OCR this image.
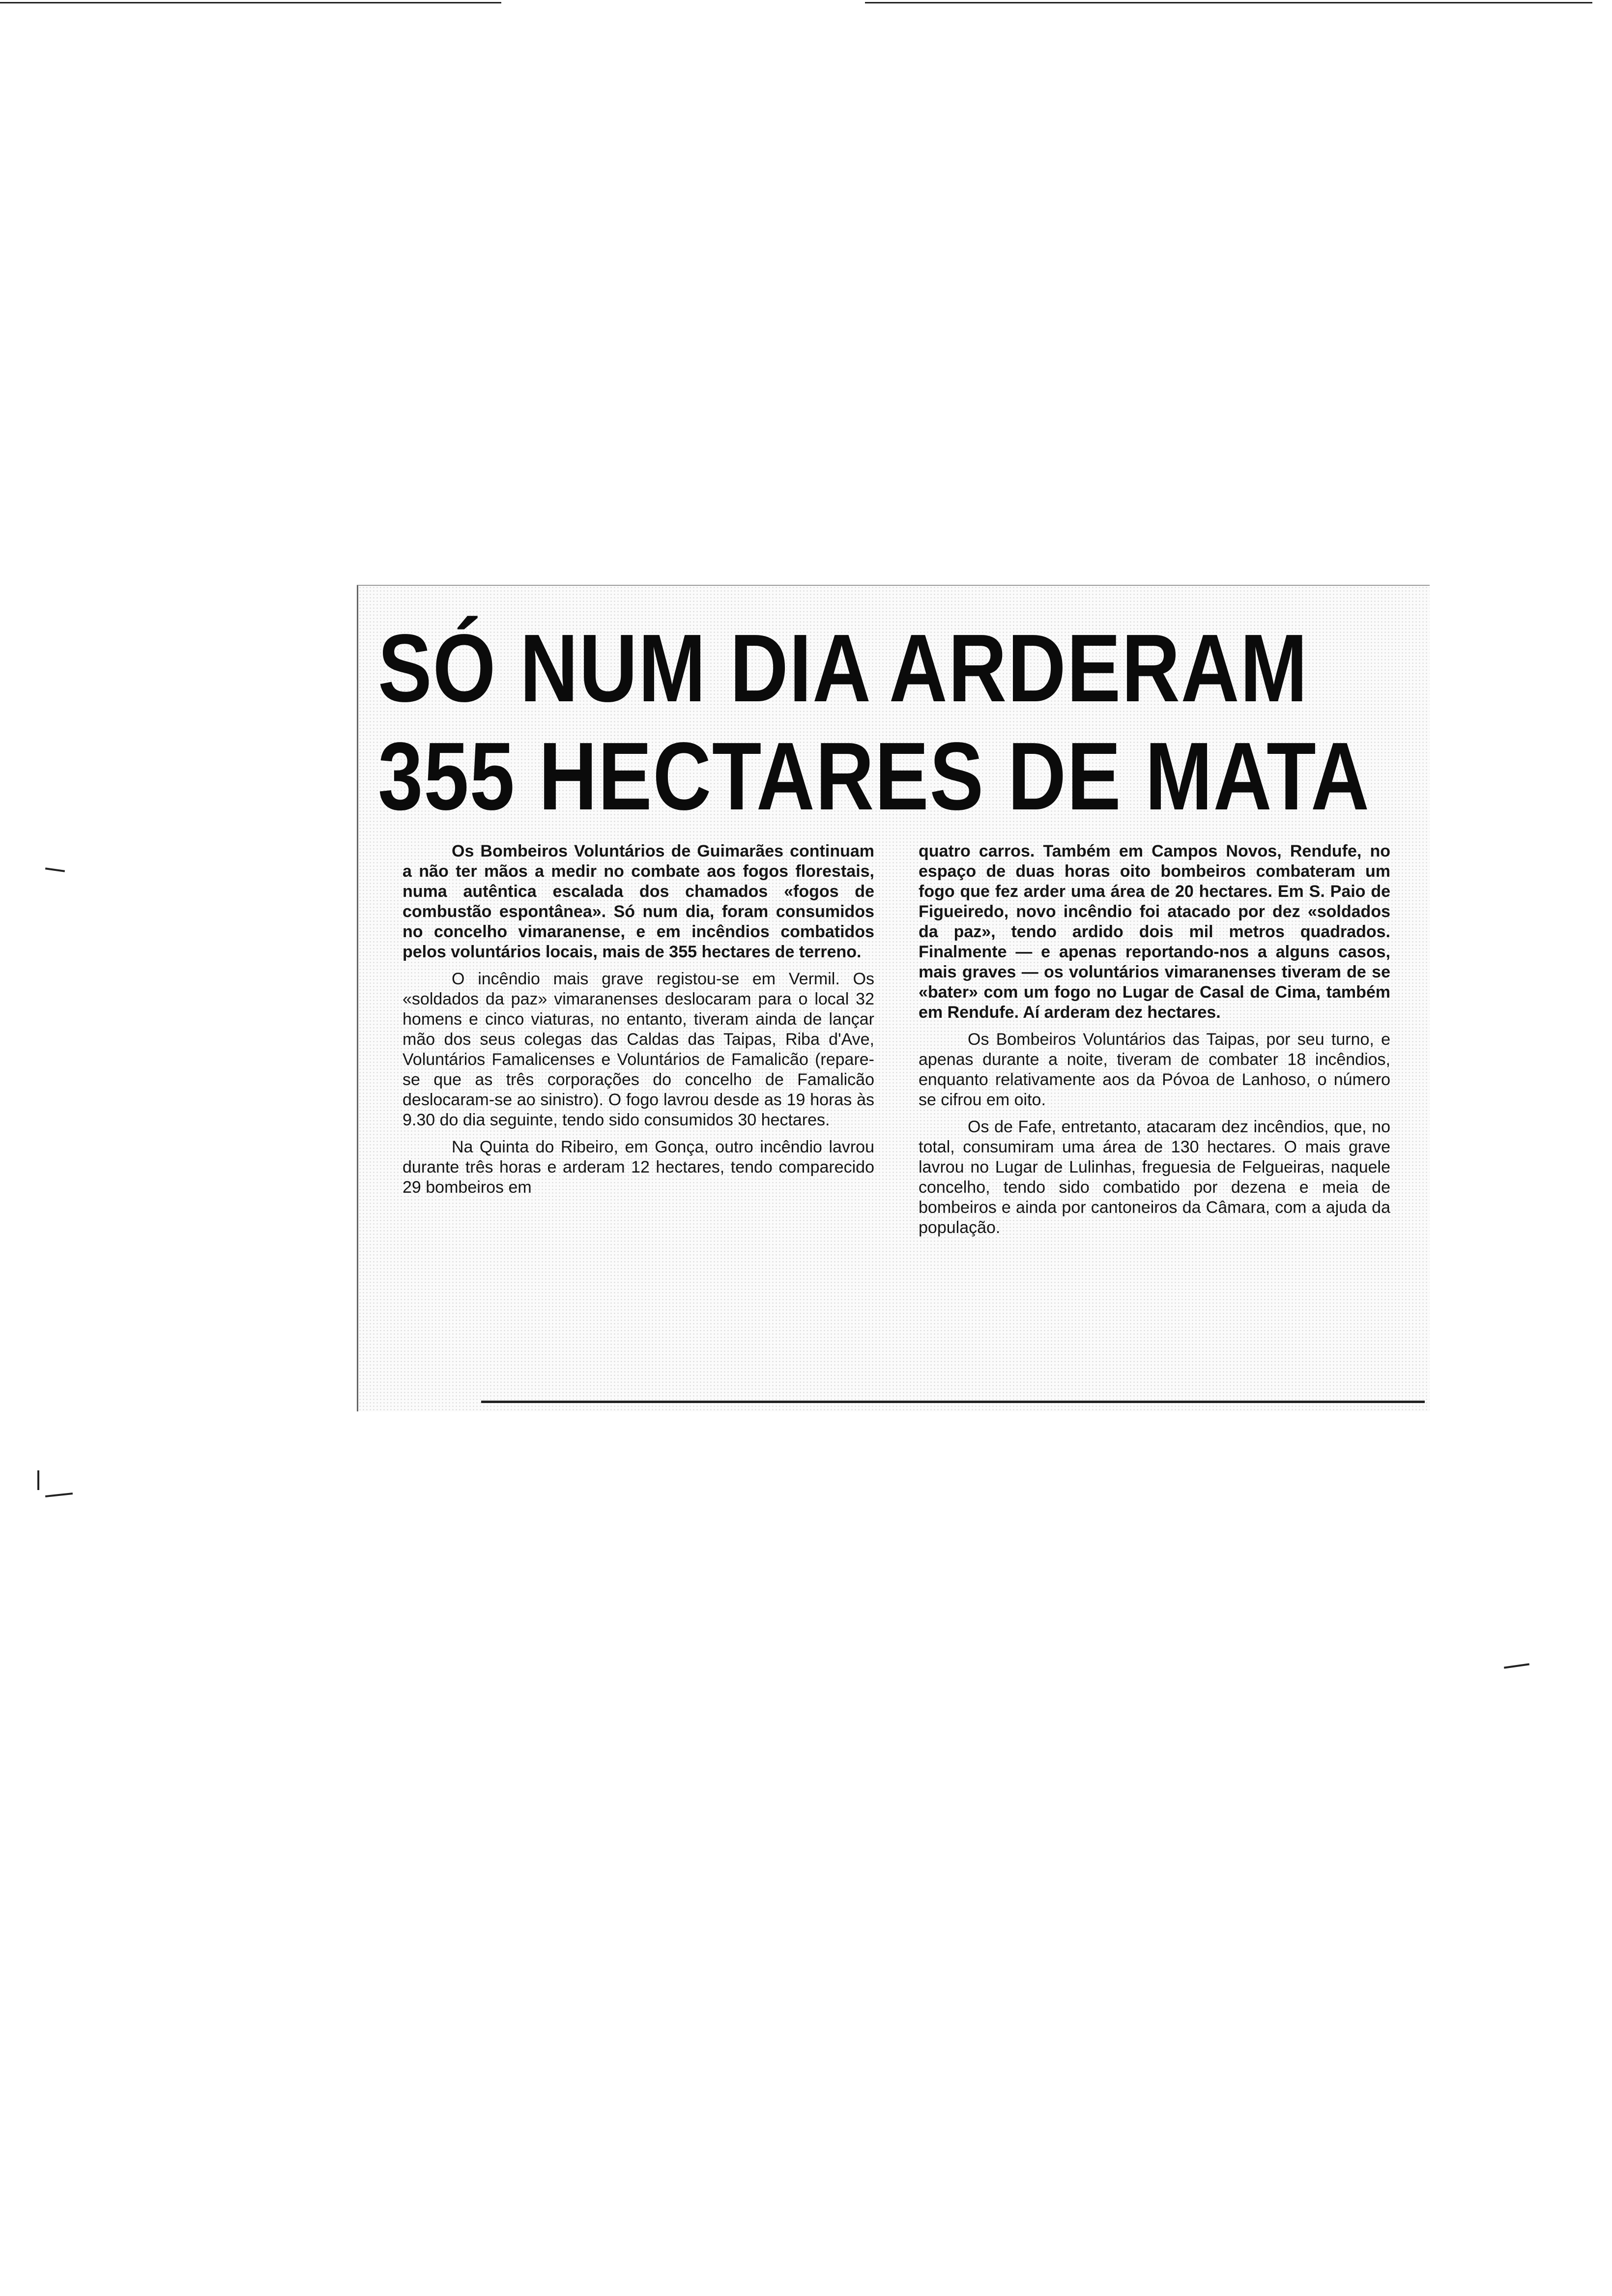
SÓ NUM DIA ARDERAM
355 HECTARES DE MATA

Os Bombeiros Voluntários de Guimarães continuam a não ter mãos a medir no combate aos fogos florestais, numa autêntica escalada dos chamados «fogos de combustão espontânea». Só num dia, foram consumidos no concelho vimaranense, e em incêndios combatidos pelos voluntários locais, mais de 355 hectares de terreno.

O incêndio mais grave registou-se em Vermil. Os «soldados da paz» vimaranenses deslocaram para o local 32 homens e cinco viaturas, no entanto, tiveram ainda de lançar mão dos seus colegas das Caldas das Taipas, Riba d'Ave, Voluntários Famalicenses e Voluntários de Famalicão (repare-se que as três corporações do concelho de Famalicão deslocaram-se ao sinistro). O fogo lavrou desde as 19 horas às 9.30 do dia seguinte, tendo sido consumidos 30 hectares.

Na Quinta do Ribeiro, em Gonça, outro incêndio lavrou durante três horas e arderam 12 hectares, tendo comparecido 29 bombeiros em

quatro carros. Também em Campos Novos, Rendufe, no espaço de duas horas oito bombeiros combateram um fogo que fez arder uma área de 20 hectares. Em S. Paio de Figueiredo, novo incêndio foi atacado por dez «soldados da paz», tendo ardido dois mil metros quadrados. Finalmente — e apenas reportando-nos a alguns casos, mais graves — os voluntários vimaranenses tiveram de se «bater» com um fogo no Lugar de Casal de Cima, também em Rendufe. Aí arderam dez hectares.

Os Bombeiros Voluntários das Taipas, por seu turno, e apenas durante a noite, tiveram de combater 18 incêndios, enquanto relativamente aos da Póvoa de Lanhoso, o número se cifrou em oito.

Os de Fafe, entretanto, atacaram dez incêndios, que, no total, consumiram uma área de 130 hectares. O mais grave lavrou no Lugar de Lulinhas, freguesia de Felgueiras, naquele concelho, tendo sido combatido por dezena e meia de bombeiros e ainda por cantoneiros da Câmara, com a ajuda da população.
